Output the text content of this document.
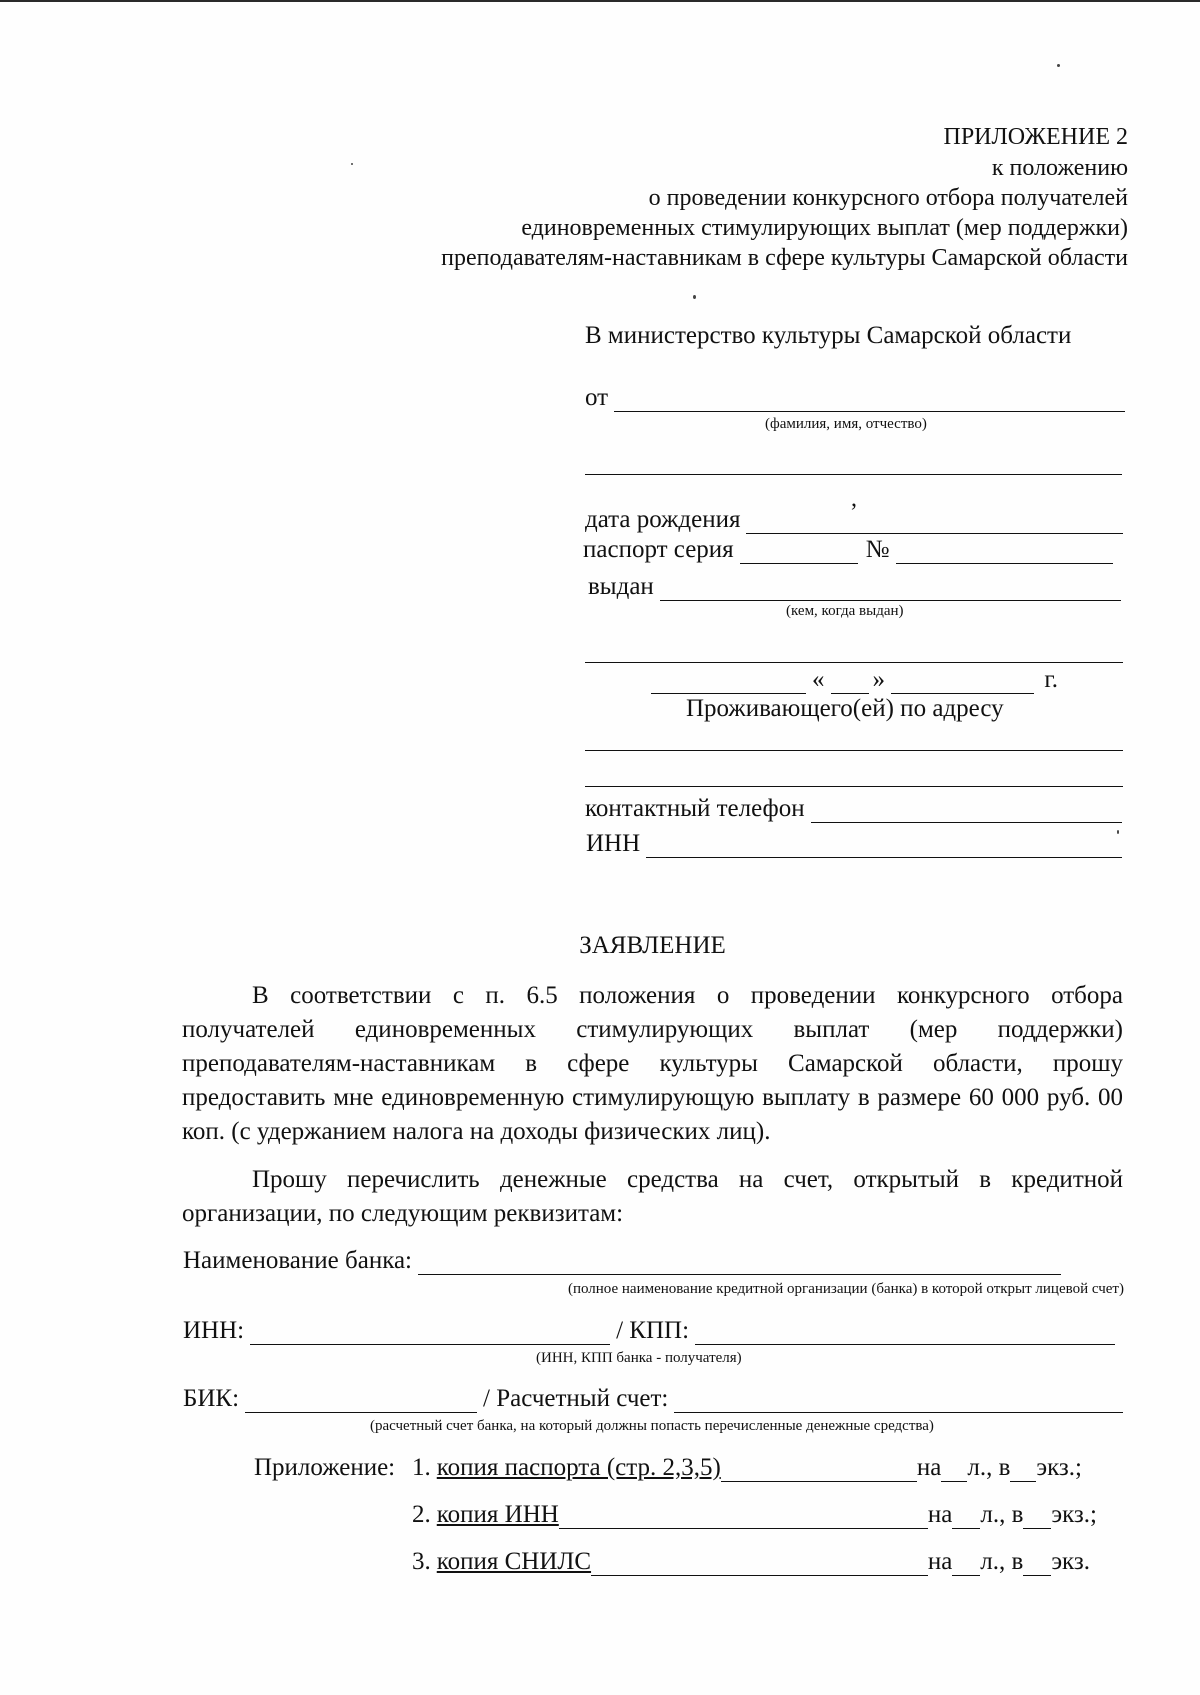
ПРИЛОЖЕНИЕ 2
к положению
о проведении конкурсного отбора получателей
единовременных стимулирующих выплат (мер поддержки)
преподавателям-наставникам в сфере культуры Самарской области
В министерство культуры Самарской области
от
(фамилия, имя, отчество)
,
дата рождения
паспорт серия	№
выдан
(кем, когда выдан)
« »	г.
Проживающего(ей) по адресу
контактный телефон
ИНН
ЗАЯВЛЕНИЕ
В соответствии с п. 6.5 положения о проведении конкурсного отбора получателей единовременных стимулирующих выплат (мер поддержки) преподавателям-наставникам в сфере культуры Самарской области, прошу предоставить мне единовременную стимулирующую выплату в размере 60 000 руб. 00 коп. (с удержанием налога на доходы физических лиц).
Прошу перечислить денежные средства на счет, открытый в кредитной организации, по следующим реквизитам:
Наименование банка:
(полное наименование кредитной организации (банка) в которой открыт лицевой счет)
ИНН:	/ КПП:
(ИНН, КПП банка - получателя)
БИК:	/ Расчетный счет:
(расчетный счет банка, на который должны попасть перечисленные денежные средства)
Приложение: 1. копия паспорта (стр. 2,3,5)	на л., в экз.;
2. копия ИНН	на л., в экз.;
3. копия СНИЛС	на л., в экз.
